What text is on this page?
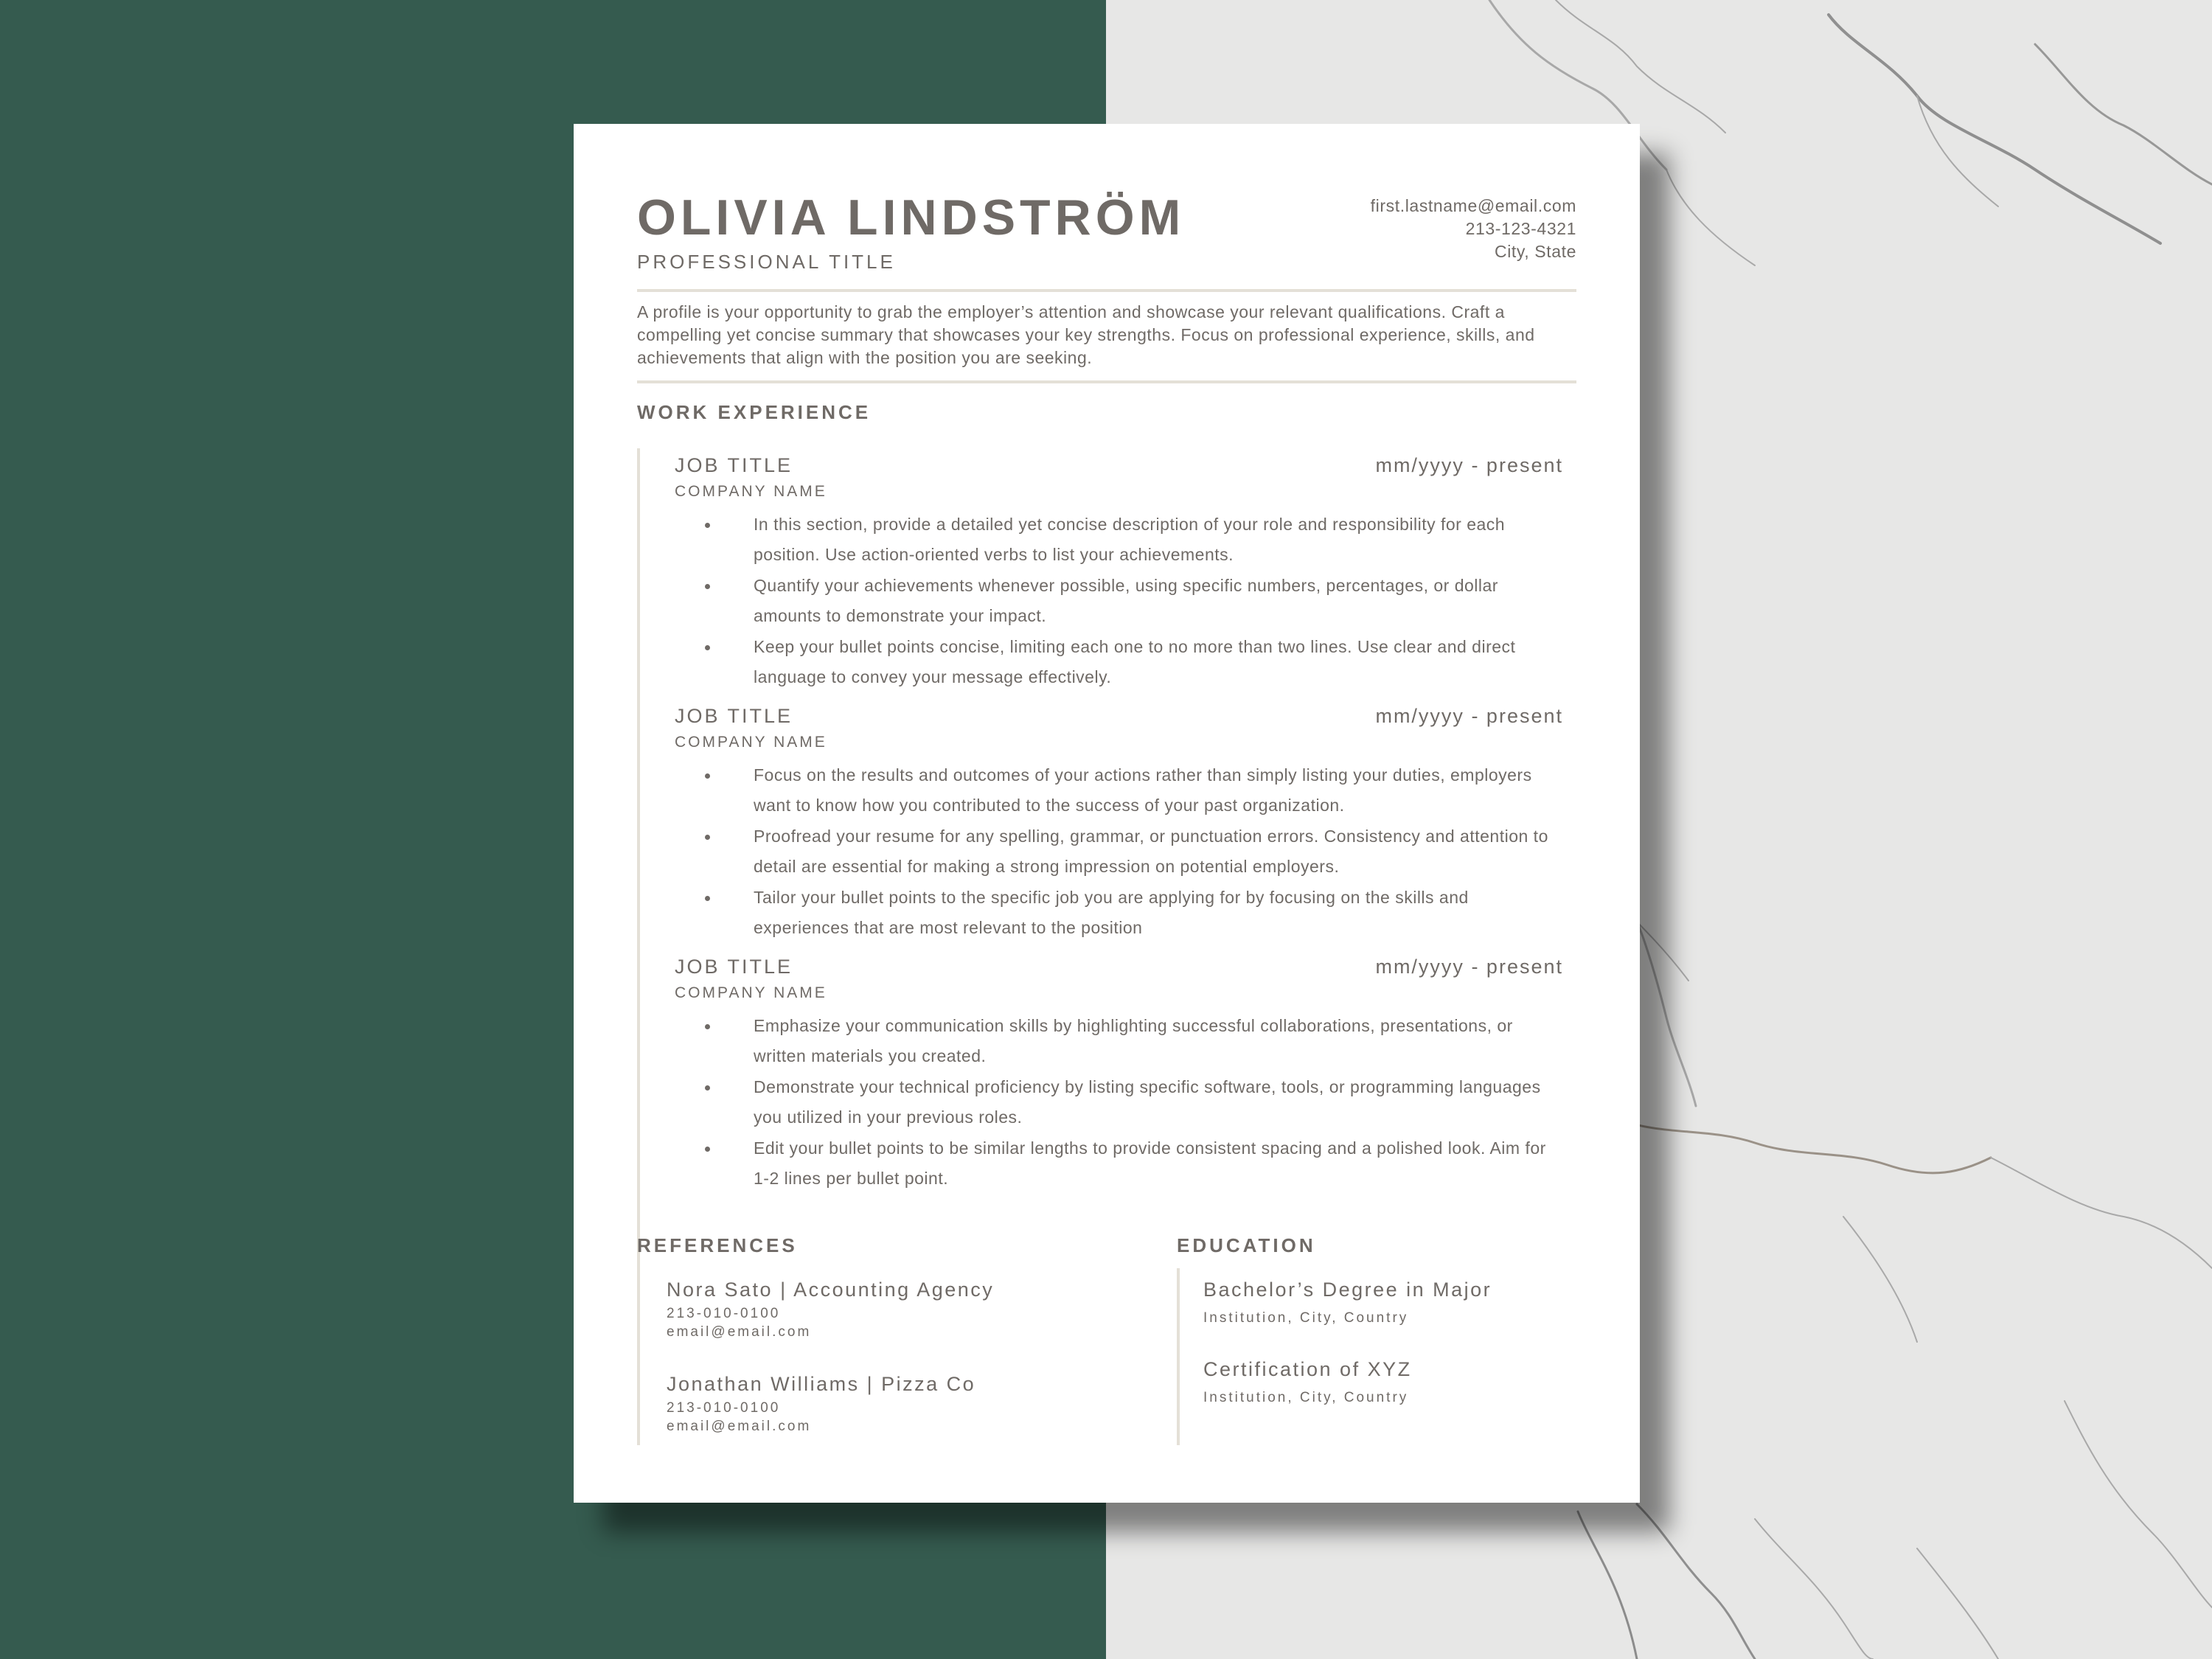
OLIVIA LINDSTRÖM
PROFESSIONAL TITLE
first.lastname@email.com
213-123-4321
City, State
A profile is your opportunity to grab the employer’s attention and showcase your relevant qualifications. Craft a compelling yet concise summary that showcases your key strengths. Focus on professional experience, skills, and achievements that align with the position you are seeking.
WORK EXPERIENCE
JOB TITLE	mm/yyyy - present
COMPANY NAME
In this section, provide a detailed yet concise description of your role and responsibility for each position. Use action-oriented verbs to list your achievements.
Quantify your achievements whenever possible, using specific numbers, percentages, or dollar amounts to demonstrate your impact.
Keep your bullet points concise, limiting each one to no more than two lines. Use clear and direct language to convey your message effectively.
JOB TITLE	mm/yyyy - present
COMPANY NAME
Focus on the results and outcomes of your actions rather than simply listing your duties, employers want to know how you contributed to the success of your past organization.
Proofread your resume for any spelling, grammar, or punctuation errors. Consistency and attention to detail are essential for making a strong impression on potential employers.
Tailor your bullet points to the specific job you are applying for by focusing on the skills and experiences that are most relevant to the position
JOB TITLE	mm/yyyy - present
COMPANY NAME
Emphasize your communication skills by highlighting successful collaborations, presentations, or written materials you created.
Demonstrate your technical proficiency by listing specific software, tools, or programming languages you utilized in your previous roles.
Edit your bullet points to be similar lengths to provide consistent spacing and a polished look. Aim for 1-2 lines per bullet point.
REFERENCES
Nora Sato | Accounting Agency
213-010-0100
email@email.com
Jonathan Williams | Pizza Co
213-010-0100
email@email.com
EDUCATION
Bachelor’s Degree in Major
Institution, City, Country
Certification of XYZ
Institution, City, Country
